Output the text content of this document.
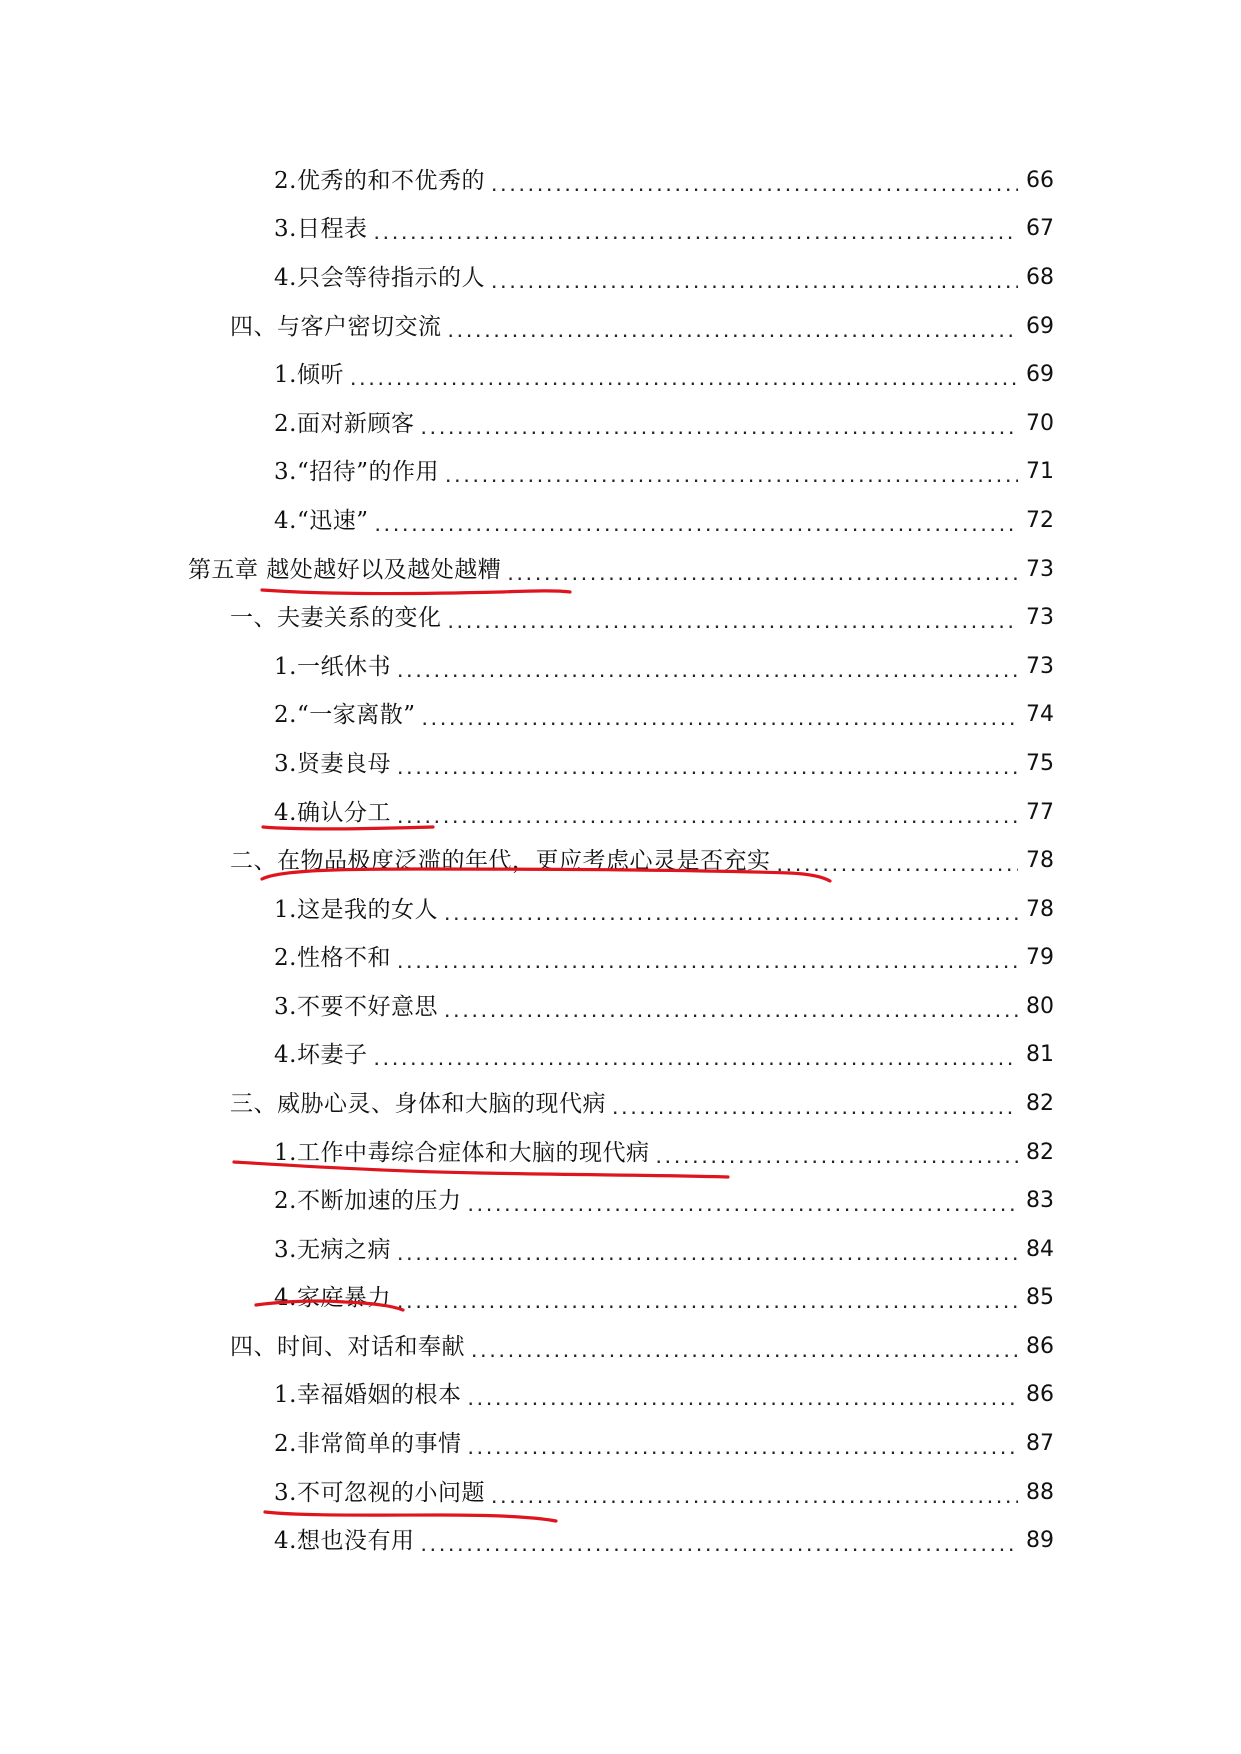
2.优秀的和不优秀的 . . .	66
3.日程表 . . .	67
4.只会等待指示的人 . . .	68
四、与客户密切交流 . . .	69
1.倾听 . . .	69
2.面对新顾客 . . .	70
3.“招待”的作用 . . .	71
4.“迅速” . . .	72
第五章 越处越好以及越处越糟 . . .	73
一、夫妻关系的变化 . . .	73
1.一纸休书 . . .	73
2.“一家离散” . . .	74
3.贤妻良母 . . .	75
4.确认分工 . . .	77
二、在物品极度泛滥的年代，更应考虑心灵是否充实 . . .	78
1.这是我的女人 . . .	78
2.性格不和 . . .	79
3.不要不好意思 . . .	80
4.坏妻子 . . .	81
三、威胁心灵、身体和大脑的现代病 . . .	82
1.工作中毒综合症体和大脑的现代病 . . .	82
2.不断加速的压力 . . .	83
3.无病之病 . . .	84
4.家庭暴力 . . .	85
四、时间、对话和奉献 . . .	86
1.幸福婚姻的根本 . . .	86
2.非常简单的事情 . . .	87
3.不可忽视的小问题 . . .	88
4.想也没有用 . . .	89
